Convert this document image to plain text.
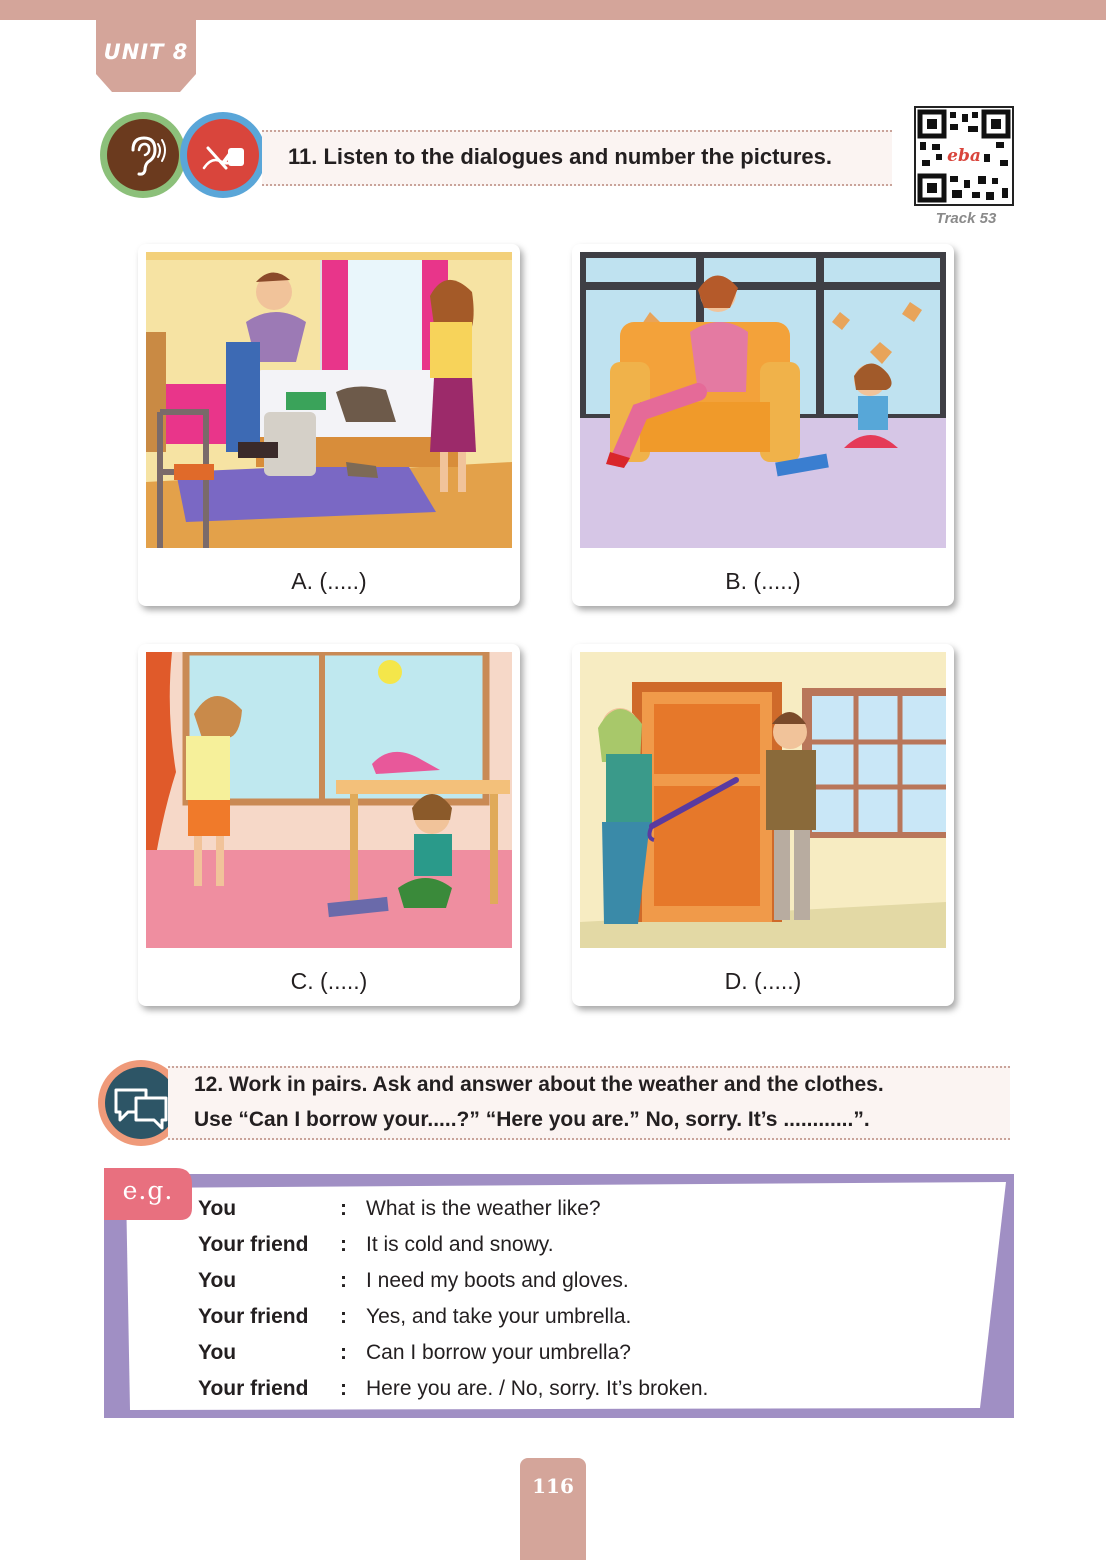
UNIT 8
11. Listen to the dialogues and number the pictures.	eba
Track 53
A. (.....)	B. (.....)
C. (.....)	D. (.....)
12. Work in pairs. Ask and answer about the weather and the clothes.
Use “Can I borrow your.....?” “Here you are.” No, sorry. It’s ............”.
e.g.
You	: What is the weather like?
Your friend	: It is cold and snowy.
You	: I need my boots and gloves.
Your friend	: Yes, and take your umbrella.
You	: Can I borrow your umbrella?
Your friend	: Here you are. / No, sorry. It’s broken.
116
